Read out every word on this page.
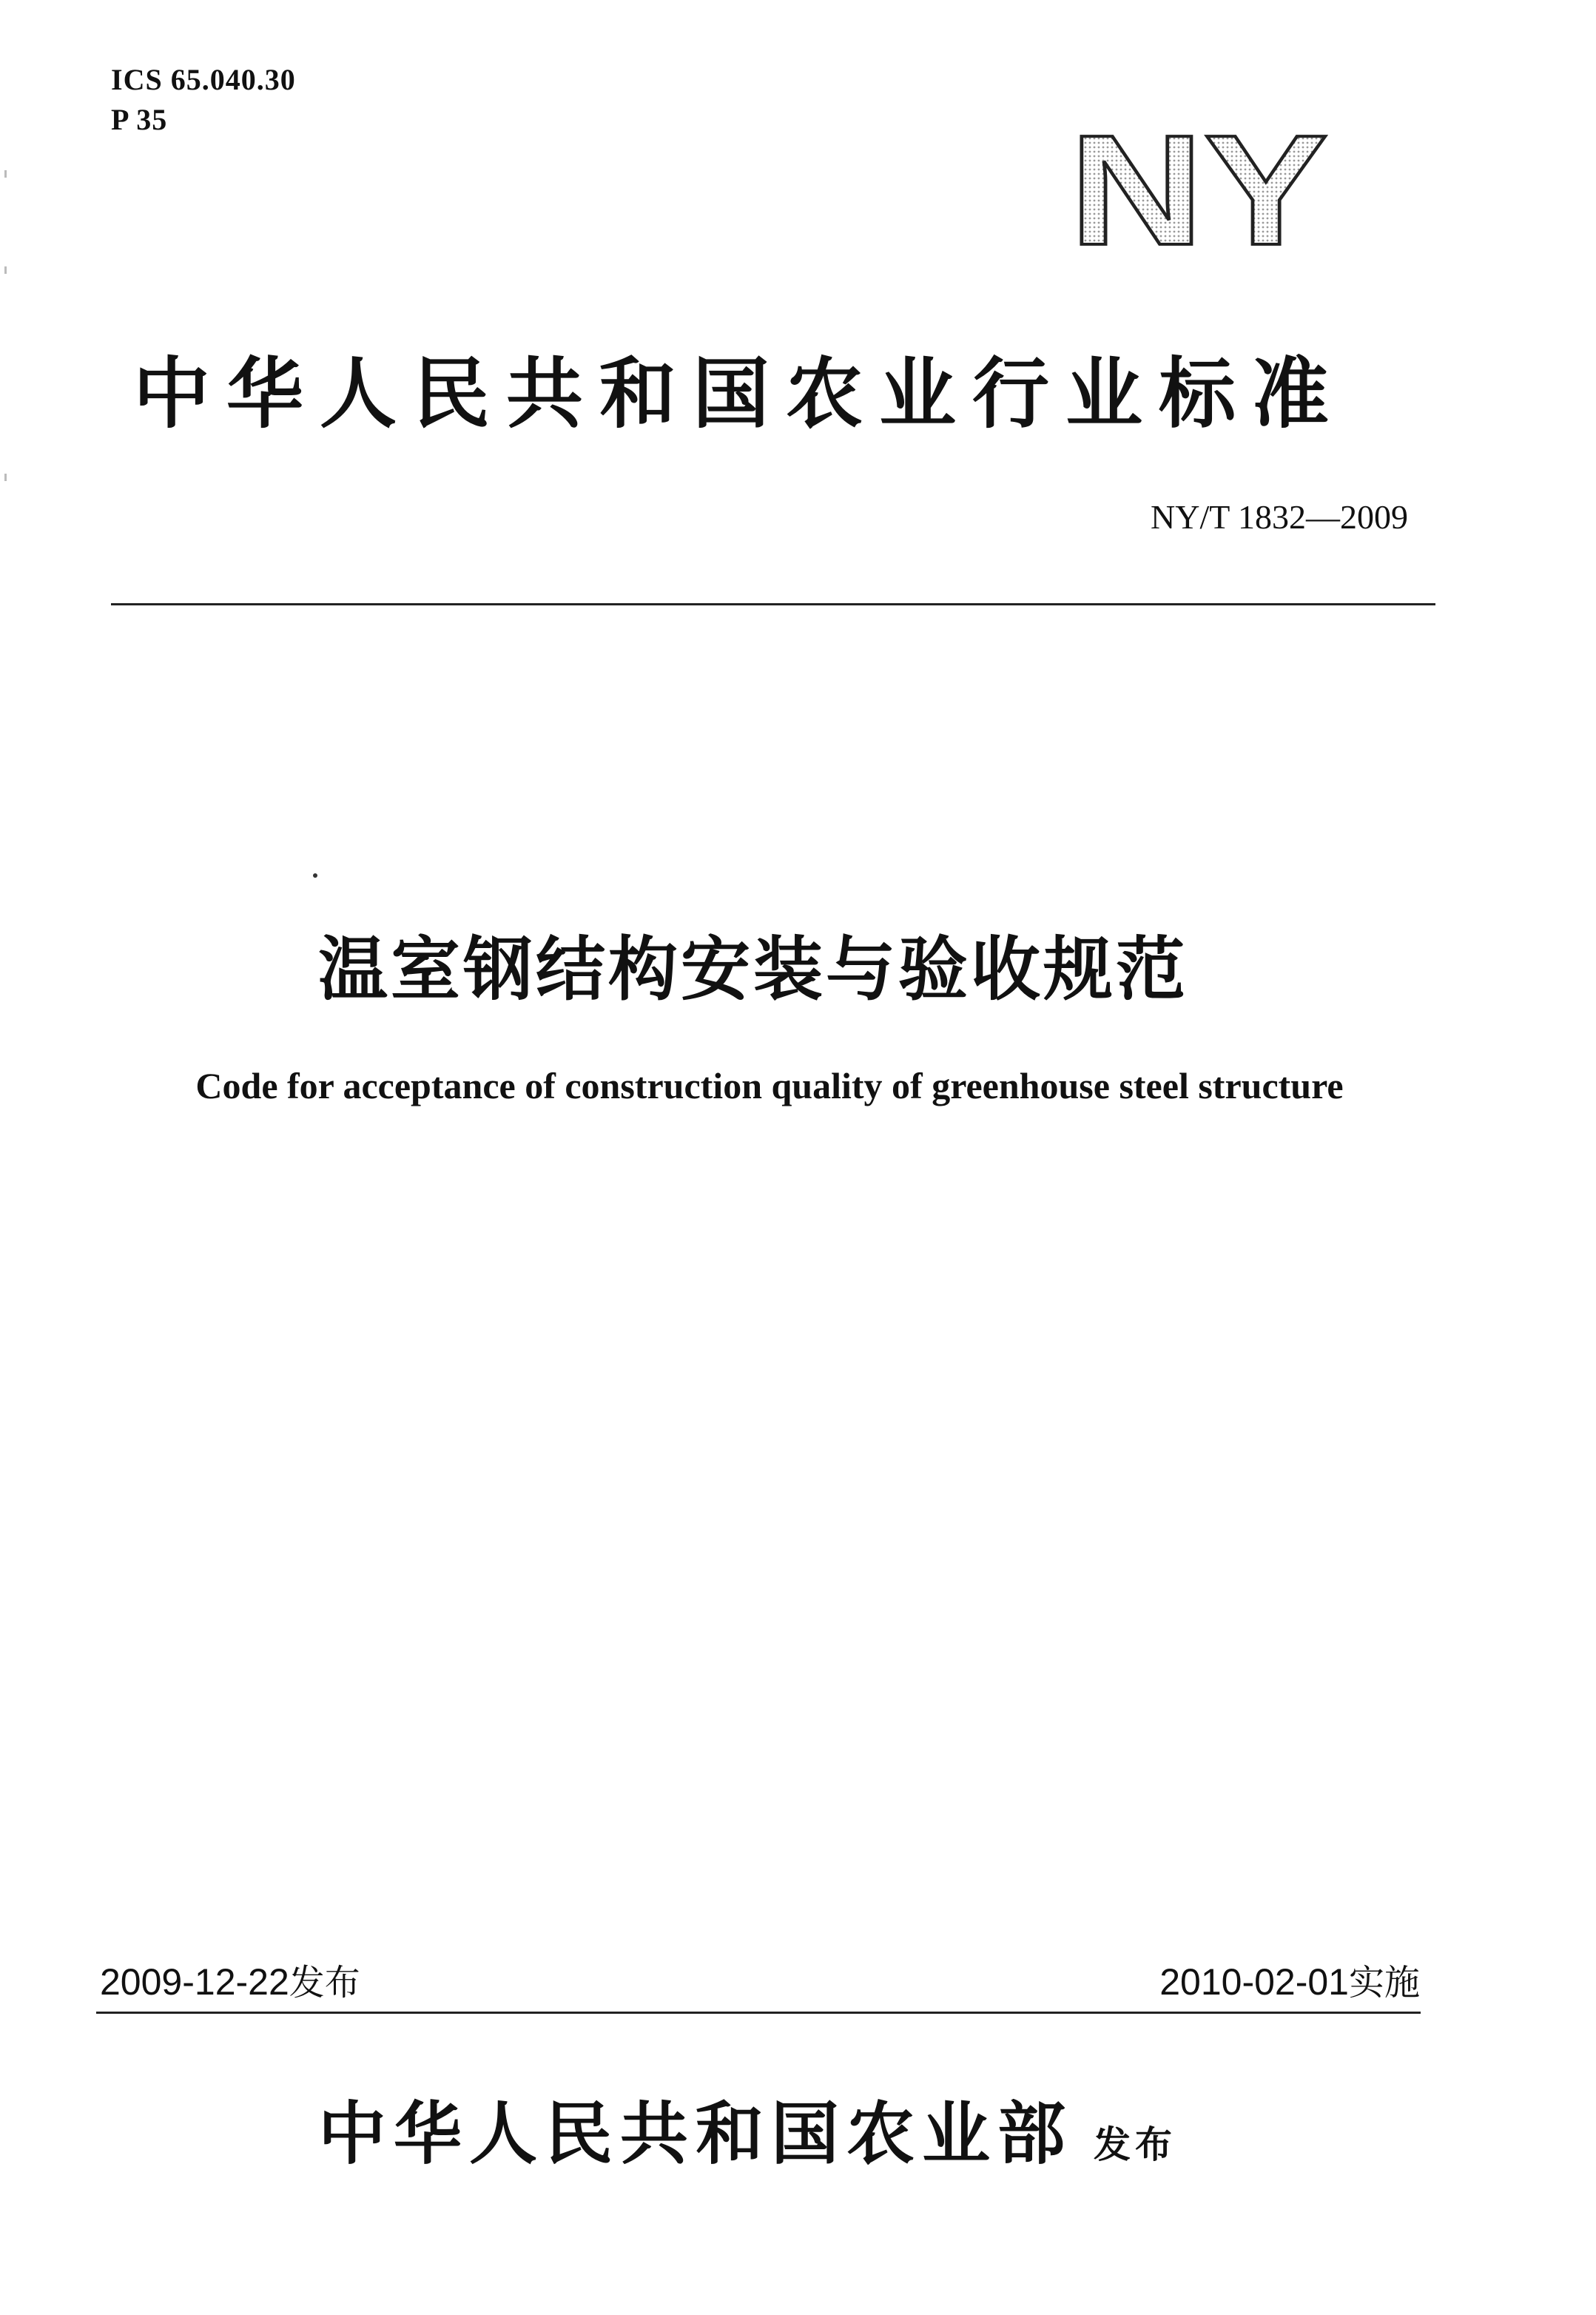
ICS 65.040.30
P 35	NY
中华人民共和国农业行业标准
NY/T 1832—2009
温室钢结构安装与验收规范
Code for acceptance of construction quality of greenhouse steel structure
2009-12-22发布	2010-02-01实施
中华人民共和国农业部 发布
